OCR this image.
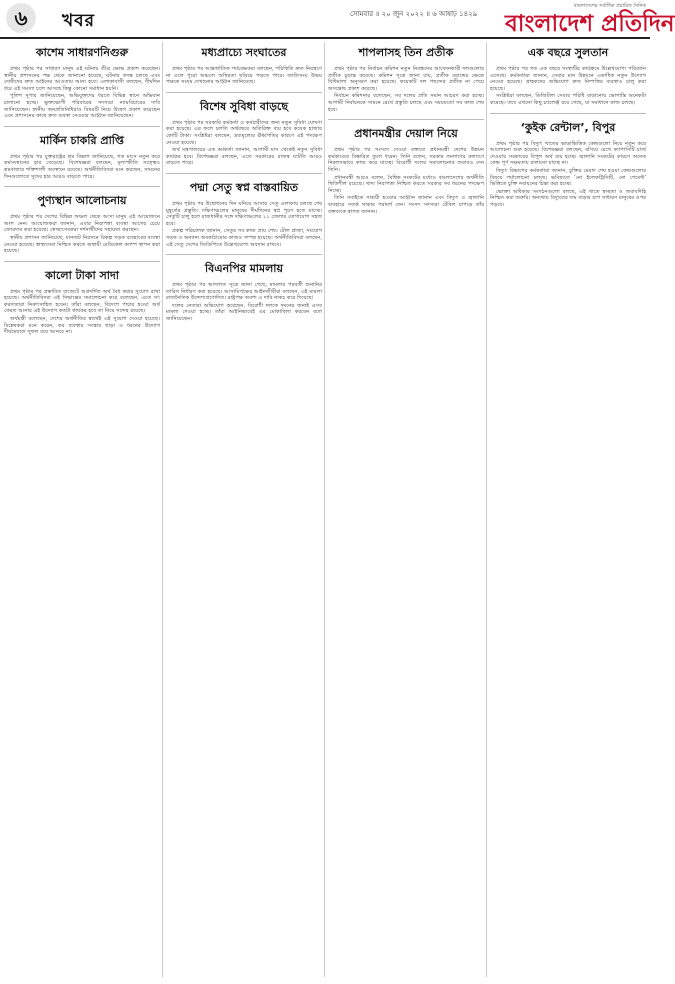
৬	খবর	সোমবার ॥ ২০ জুন ২০২২ ॥ ৬ আষাঢ় ১৪২৯
বাংলাদেশের সর্বাধিক প্রচারিত দৈনিক
বাংলাদেশ প্রতিদিন
কাশেম সাধারণনিগুরু

প্রথম পৃষ্ঠার পর সাধারণ মানুষ এই ঘটনায় তীব্র ক্ষোভ প্রকাশ করেছেন। স্থানীয় প্রশাসনের পক্ষ থেকে জানানো হয়েছে, ঘটনার তদন্ত চলছে এবং দোষীদের দ্রুত আইনের আওতায় আনা হবে। এলাকাবাসী বলছেন, দীর্ঘদিন ধরে এই সমস্যা চলে আসছে কিন্তু কোনো সমাধান হয়নি।

পুলিশ সুপার জানিয়েছেন, অভিযুক্তদের ধরতে বিভিন্ন স্থানে অভিযান চালানো হচ্ছে। ভুক্তভোগী পরিবারের সদস্যরা ন্যায়বিচারের দাবি জানিয়েছেন। স্থানীয় জনপ্রতিনিধিরাও বিষয়টি নিয়ে উদ্বেগ প্রকাশ করেছেন এবং প্রশাসনের কাছে দ্রুত ব্যবস্থা নেওয়ার আহ্বান জানিয়েছেন।

মার্কিন চাকরি প্রাপ্তি

প্রথম পৃষ্ঠার পর যুক্তরাষ্ট্রের শ্রম বিভাগ জানিয়েছে, গত মাসে নতুন করে কর্মসংস্থানের হার বেড়েছে। বিশেষজ্ঞরা বলছেন, মূল্যস্ফীতি সত্ত্বেও শ্রমবাজার শক্তিশালী অবস্থানে রয়েছে। অর্থনীতিবিদরা মনে করছেন, সামনের দিনগুলোতে সুদের হার আরও বাড়তে পারে।

পুণ্যস্থান আলোচনায়

প্রথম পৃষ্ঠার পর দেশের বিভিন্ন অঞ্চল থেকে আসা মানুষ এই আয়োজনে অংশ নেন। আয়োজকরা জানান, এবার নিরাপত্তা ব্যবস্থা আগের চেয়ে জোরদার করা হয়েছে। স্বেচ্ছাসেবকরা দর্শনার্থীদের সহায়তা করছেন।

স্থানীয় প্রশাসন জানিয়েছে, যানজট নিরসনে বিকল্প সড়ক ব্যবহারের ব্যবস্থা নেওয়া হয়েছে। স্বাস্থ্যসেবা নিশ্চিত করতে অস্থায়ী মেডিকেল ক্যাম্প স্থাপন করা হয়েছে।

কালো টাকা সাদা

প্রথম পৃষ্ঠার পর প্রস্তাবিত বাজেটে অপ্রদর্শিত অর্থ বৈধ করার সুযোগ রাখা হয়েছে। অর্থনীতিবিদরা এই সিদ্ধান্তের সমালোচনা করে বলেছেন, এতে সৎ করদাতারা নিরুৎসাহিত হবেন। তাঁরা বলছেন, বিদেশে পাচার হওয়া অর্থ ফেরত আনার এই উদ্যোগ কতটা কার্যকর হবে তা নিয়ে সন্দেহ রয়েছে।

অর্থমন্ত্রী বলেছেন, দেশের অর্থনীতির স্বার্থেই এই সুযোগ দেওয়া হয়েছে। বিশ্লেষকরা মনে করেন, কর ব্যবস্থার সংস্কার ছাড়া এ ধরনের উদ্যোগ দীর্ঘমেয়াদে সুফল বয়ে আনবে না।

মধ্যপ্রাচ্যে সংঘাতের

প্রথম পৃষ্ঠার পর আন্তর্জাতিক পর্যবেক্ষকরা বলছেন, পরিস্থিতি দ্রুত নিয়ন্ত্রণে না এলে পুরো অঞ্চলে অস্থিরতা ছড়িয়ে পড়তে পারে। জাতিসংঘ উভয় পক্ষকে সংযম দেখানোর আহ্বান জানিয়েছে।

বিশেষ সুবিধা বাড়ছে

প্রথম পৃষ্ঠার পর সরকারি কর্মকর্তা ও কর্মচারীদের জন্য নতুন সুবিধা ঘোষণা করা হয়েছে। এর ফলে চলতি অর্থবছরে অতিরিক্ত ব্যয় হবে কয়েক হাজার কোটি টাকা। সংশ্লিষ্টরা বলছেন, দ্রব্যমূল্যের ঊর্ধ্বগতির কারণে এই পদক্ষেপ নেওয়া হয়েছে।

অর্থ মন্ত্রণালয়ের এক কর্মকর্তা জানান, আগামী মাস থেকেই নতুন সুবিধা কার্যকর হবে। বিশেষজ্ঞরা বলছেন, এতে সরকারের রাজস্ব ঘাটতি আরও বাড়তে পারে।

পদ্মা সেতু স্বপ্ন বাস্তবায়িত

প্রথম পৃষ্ঠার পর উদ্বোধনের দিন ঘনিয়ে আসায় সেতু এলাকায় চলছে শেষ মুহূর্তের প্রস্তুতি। দক্ষিণাঞ্চলের মানুষের দীর্ঘদিনের স্বপ্ন পূরণ হতে যাচ্ছে। সেতুটি চালু হলে রাজধানীর সঙ্গে দক্ষিণাঞ্চলের ২১ জেলার যোগাযোগ সহজ হবে।

প্রকল্প পরিচালক জানান, সেতুর সব কাজ প্রায় শেষ। টোল প্লাজা, সংযোগ সড়ক ও অন্যান্য অবকাঠামোর কাজও সম্পন্ন হয়েছে। অর্থনীতিবিদরা বলছেন, এই সেতু দেশের জিডিপিতে উল্লেখযোগ্য অবদান রাখবে।

বিএনপির মামলায়

প্রথম পৃষ্ঠার পর আদালত সূত্রে জানা গেছে, মামলার পরবর্তী শুনানির তারিখ নির্ধারণ করা হয়েছে। আসামিপক্ষের আইনজীবীরা বলছেন, এই মামলা রাজনৈতিক উদ্দেশ্যপ্রণোদিত। রাষ্ট্রপক্ষ অবশ্য এ দাবি নাকচ করে দিয়েছে।

দলের নেতারা অভিযোগ করেছেন, বিরোধী দলকে দমনের জন্যই এসব মামলা দেওয়া হচ্ছে। তাঁরা আইনিভাবেই এর মোকাবিলা করবেন বলে জানিয়েছেন।

শাপলাসহ তিন প্রতীক

প্রথম পৃষ্ঠার পর নির্বাচন কমিশন নতুন নিবন্ধনের আবেদনকারী দলগুলোর প্রতীক চূড়ান্ত করেছে। কমিশন সূত্রে জানা যায়, প্রতীক বরাদ্দের ক্ষেত্রে বিধিমালা অনুসরণ করা হয়েছে। কয়েকটি দল পছন্দের প্রতীক না পেয়ে অসন্তোষ প্রকাশ করেছে।

নির্বাচন কমিশনার বলেছেন, সব দলের প্রতি সমান আচরণ করা হচ্ছে। আগামী নির্বাচনকে সামনে রেখে প্রস্তুতি চলছে এবং সময়মতো সব কাজ শেষ হবে।

প্রধানমন্ত্রীর দেয়াল নিয়ে

প্রথম পৃষ্ঠার পর সংসদে দেওয়া বক্তব্যে প্রধানমন্ত্রী দেশের উন্নয়ন কর্মকাণ্ডের বিস্তারিত তুলে ধরেন। তিনি বলেন, সরকার জনগণের কল্যাণে নিরলসভাবে কাজ করে যাচ্ছে। বিরোধী দলের সমালোচনার জবাবও দেন তিনি।

প্রধানমন্ত্রী আরও বলেন, বৈশ্বিক সংকটের মধ্যেও বাংলাদেশের অর্থনীতি স্থিতিশীল রয়েছে। খাদ্য নিরাপত্তা নিশ্চিত করতে সরকার সব ধরনের পদক্ষেপ নিচ্ছে।

তিনি সবাইকে সাশ্রয়ী হওয়ার আহ্বান জানান এবং বিদ্যুৎ ও জ্বালানি ব্যবহারে সতর্ক থাকার পরামর্শ দেন। সংসদ সদস্যরা টেবিল চাপড়ে তাঁর বক্তব্যকে স্বাগত জানান।

এক বছরে সুলতান

প্রথম পৃষ্ঠার পর গত এক বছরে সংস্থাটির কার্যক্রমে উল্লেখযোগ্য পরিবর্তন এসেছে। কর্মকর্তারা জানান, সেবার মান উন্নয়নে একাধিক নতুন উদ্যোগ নেওয়া হয়েছে। গ্রাহকদের অভিযোগ দ্রুত নিষ্পত্তির ব্যবস্থাও চালু করা হয়েছে।

সংশ্লিষ্টরা বলছেন, ডিজিটাল সেবার পরিধি বাড়ানোয় ভোগান্তি অনেকটা কমেছে। তবে এখনো কিছু চ্যালেঞ্জ রয়ে গেছে, যা সমাধানে কাজ চলছে।

‘কুইক রেন্টাল’, বিপুর

প্রথম পৃষ্ঠার পর বিদ্যুৎ খাতের ভাড়াভিত্তিক কেন্দ্রগুলো নিয়ে নতুন করে আলোচনা শুরু হয়েছে। বিশেষজ্ঞরা বলছেন, বসিয়ে রেখে ক্যাপাসিটি চার্জ দেওয়ায় সরকারের বিপুল অর্থ ব্যয় হচ্ছে। জ্বালানি সংকটের কারণে অনেক কেন্দ্র পূর্ণ সক্ষমতায় চালানো যাচ্ছে না।

বিদ্যুৎ বিভাগের কর্মকর্তারা জানান, চুক্তির মেয়াদ শেষ হওয়া কেন্দ্রগুলোর বিষয়ে পর্যালোচনা চলছে। ভবিষ্যতে ‘নো ইলেকট্রিসিটি, নো পেমেন্ট’ ভিত্তিতে চুক্তি নবায়নের চিন্তা করা হচ্ছে।

ভোক্তা অধিকার সংগঠনগুলো বলছে, এই খাতে স্বচ্ছতা ও জবাবদিহি নিশ্চিত করা জরুরি। অন্যথায় বিদ্যুতের দাম বাড়ার চাপ সাধারণ মানুষের ওপর পড়বে।
